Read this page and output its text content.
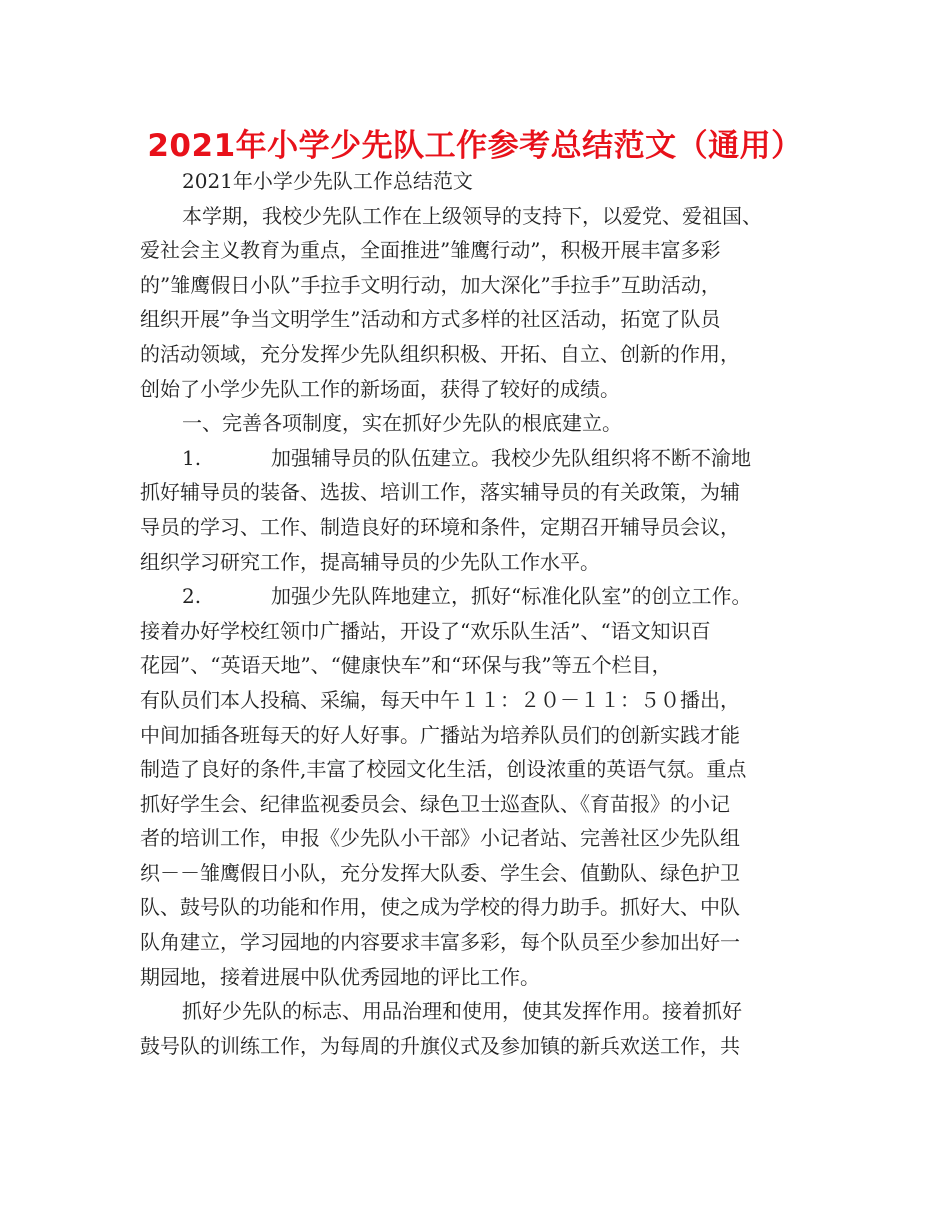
2021年小学少先队工作参考总结范文（通用）
2021年小学少先队工作总结范文
本学期，我校少先队工作在上级领导的支持下，以爱党、爱祖国、
爱社会主义教育为重点，全面推进”雏鹰行动”，积极开展丰富多彩
的”雏鹰假日小队”手拉手文明行动，加大深化”手拉手”互助活动，
组织开展”争当文明学生”活动和方式多样的社区活动，拓宽了队员
的活动领域，充分发挥少先队组织积极、开拓、自立、创新的作用，
创始了小学少先队工作的新场面，获得了较好的成绩。
一、完善各项制度，实在抓好少先队的根底建立。
1.	加强辅导员的队伍建立。我校少先队组织将不断不渝地
抓好辅导员的装备、选拔、培训工作，落实辅导员的有关政策，为辅
导员的学习、工作、制造良好的环境和条件，定期召开辅导员会议，
组织学习研究工作，提高辅导员的少先队工作水平。
2.	加强少先队阵地建立，抓好“标准化队室”的创立工作。
接着办好学校红领巾广播站，开设了“欢乐队生活”、“语文知识百
花园”、“英语天地”、“健康快车”和“环保与我”等五个栏目，
有队员们本人投稿、采编，每天中午１１：２０－１１：５０播出，
中间加插各班每天的好人好事。广播站为培养队员们的创新实践才能
制造了良好的条件,丰富了校园文化生活，创设浓重的英语气氛。重点
抓好学生会、纪律监视委员会、绿色卫士巡查队、《育苗报》的小记
者的培训工作，申报《少先队小干部》小记者站、完善社区少先队组
织－－雏鹰假日小队，充分发挥大队委、学生会、值勤队、绿色护卫
队、鼓号队的功能和作用，使之成为学校的得力助手。抓好大、中队
队角建立，学习园地的内容要求丰富多彩，每个队员至少参加出好一
期园地，接着进展中队优秀园地的评比工作。
抓好少先队的标志、用品治理和使用，使其发挥作用。接着抓好
鼓号队的训练工作，为每周的升旗仪式及参加镇的新兵欢送工作，共
